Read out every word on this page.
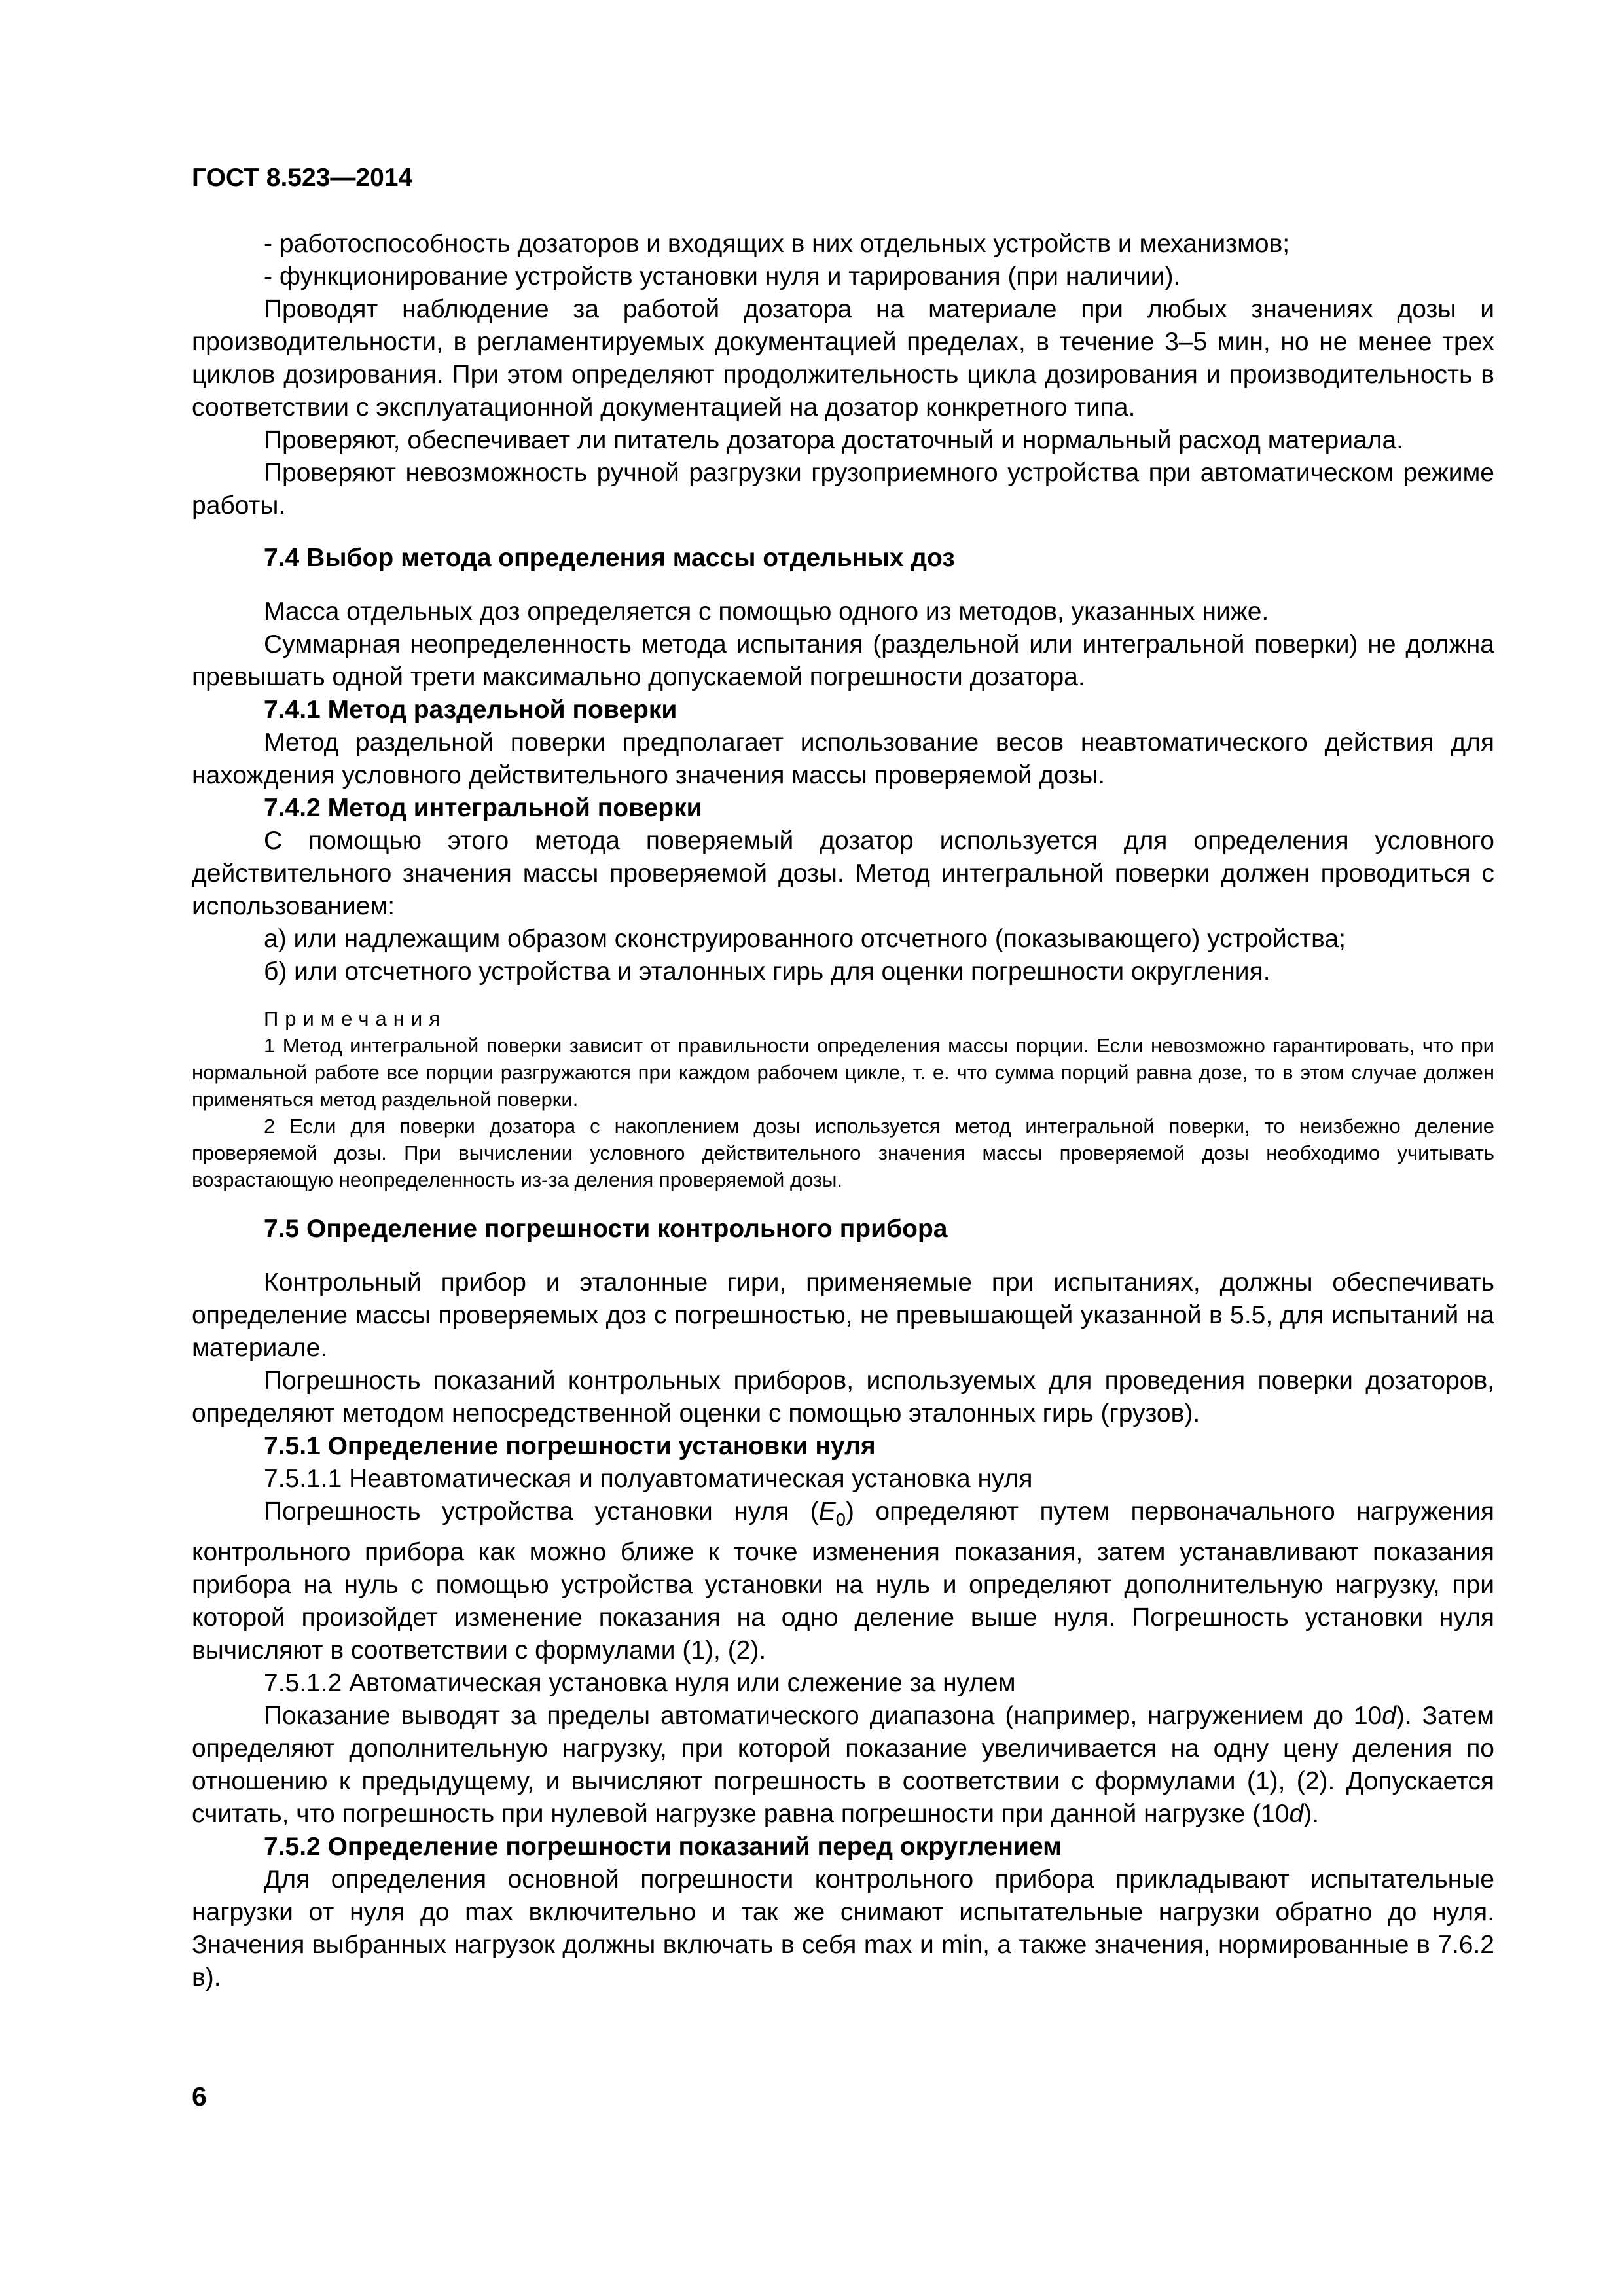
ГОСТ 8.523—2014

- работоспособность дозаторов и входящих в них отдельных устройств и механизмов;

- функционирование устройств установки нуля и тарирования (при наличии).

Проводят наблюдение за работой дозатора на материале при любых значениях дозы и производительности, в регламентируемых документацией пределах, в течение 3–5 мин, но не менее трех циклов дозирования. При этом определяют продолжительность цикла дозирования и производительность в соответствии с эксплуатационной документацией на дозатор конкретного типа.

Проверяют, обеспечивает ли питатель дозатора достаточный и нормальный расход материала.

Проверяют невозможность ручной разгрузки грузоприемного устройства при автоматическом режиме работы.

7.4 Выбор метода определения массы отдельных доз

Масса отдельных доз определяется с помощью одного из методов, указанных ниже.

Суммарная неопределенность метода испытания (раздельной или интегральной поверки) не должна превышать одной трети максимально допускаемой погрешности дозатора.

7.4.1 Метод раздельной поверки

Метод раздельной поверки предполагает использование весов неавтоматического действия для нахождения условного действительного значения массы проверяемой дозы.

7.4.2 Метод интегральной поверки

С помощью этого метода поверяемый дозатор используется для определения условного действительного значения массы проверяемой дозы. Метод интегральной поверки должен проводиться с использованием:

а) или надлежащим образом сконструированного отсчетного (показывающего) устройства;

б) или отсчетного устройства и эталонных гирь для оценки погрешности округления.

Примечания

1 Метод интегральной поверки зависит от правильности определения массы порции. Если невозможно гарантировать, что при нормальной работе все порции разгружаются при каждом рабочем цикле, т. е. что сумма порций равна дозе, то в этом случае должен применяться метод раздельной поверки.

2 Если для поверки дозатора с накоплением дозы используется метод интегральной поверки, то неизбежно деление проверяемой дозы. При вычислении условного действительного значения массы проверяемой дозы необходимо учитывать возрастающую неопределенность из-за деления проверяемой дозы.

7.5 Определение погрешности контрольного прибора

Контрольный прибор и эталонные гири, применяемые при испытаниях, должны обеспечивать определение массы проверяемых доз с погрешностью, не превышающей указанной в 5.5, для испытаний на материале.

Погрешность показаний контрольных приборов, используемых для проведения поверки дозаторов, определяют методом непосредственной оценки с помощью эталонных гирь (грузов).

7.5.1 Определение погрешности установки нуля

7.5.1.1 Неавтоматическая и полуавтоматическая установка нуля

Погрешность устройства установки нуля $(E_0)$ определяют путем первоначального нагружения контрольного прибора как можно ближе к точке изменения показания, затем устанавливают показания прибора на нуль с помощью устройства установки на нуль и определяют дополнительную нагрузку, при которой произойдет изменение показания на одно деление выше нуля. Погрешность установки нуля вычисляют в соответствии с формулами (1), (2).

7.5.1.2 Автоматическая установка нуля или слежение за нулем

Показание выводят за пределы автоматического диапазона (например, нагружением до 10d). Затем определяют дополнительную нагрузку, при которой показание увеличивается на одну цену деления по отношению к предыдущему, и вычисляют погрешность в соответствии с формулами (1), (2). Допускается считать, что погрешность при нулевой нагрузке равна погрешности при данной нагрузке (10d).

7.5.2 Определение погрешности показаний перед округлением

Для определения основной погрешности контрольного прибора прикладывают испытательные нагрузки от нуля до max включительно и так же снимают испытательные нагрузки обратно до нуля. Значения выбранных нагрузок должны включать в себя max и min, а также значения, нормированные в 7.6.2 в).

6
